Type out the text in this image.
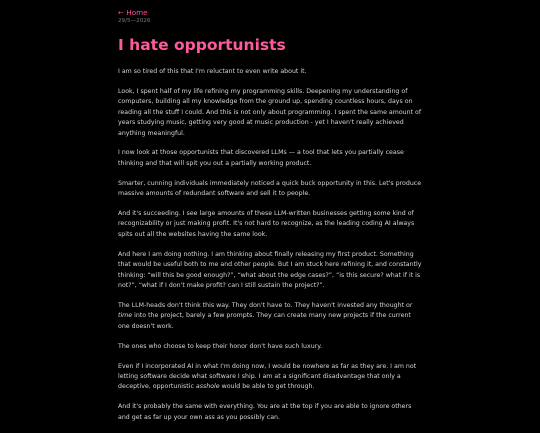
← Home
29/5—2026
I hate opportunists

I am so tired of this that I'm reluctant to even write about it.

Look, I spent half of my life refining my programming skills. Deepening my understanding of computers, building all my knowledge from the ground up, spending countless hours, days on reading all the stuff I could. And this is not only about programming. I spent the same amount of years studying music, getting very good at music production - yet I haven't really achieved anything meaningful.

I now look at those opportunists that discovered LLMs — a tool that lets you partially cease thinking and that will spit you out a partially working product.

Smarter, cunning individuals immediately noticed a quick buck opportunity in this. Let's produce massive amounts of redundant software and sell it to people.

And it's succeeding. I see large amounts of these LLM-written businesses getting some kind of recognizability or just making profit. It's not hard to recognize, as the leading coding AI always spits out all the websites having the same look.

And here I am doing nothing. I am thinking about finally releasing my first product. Something that would be useful both to me and other people. But I am stuck here refining it, and constantly thinking: “will this be good enough?”, “what about the edge cases?”, “is this secure? what if it is not?”, “what if I don't make profit? can I still sustain the project?”.

The LLM-heads don't think this way. They don't have to. They haven't invested any thought or time into the project, barely a few prompts. They can create many new projects if the current one doesn't work.

The ones who choose to keep their honor don't have such luxury.

Even if I incorporated AI in what I'm doing now, I would be nowhere as far as they are. I am not letting software decide what software I ship. I am at a significant disadvantage that only a deceptive, opportunistic asshole would be able to get through.

And it's probably the same with everything. You are at the top if you are able to ignore others and get as far up your own ass as you possibly can.
